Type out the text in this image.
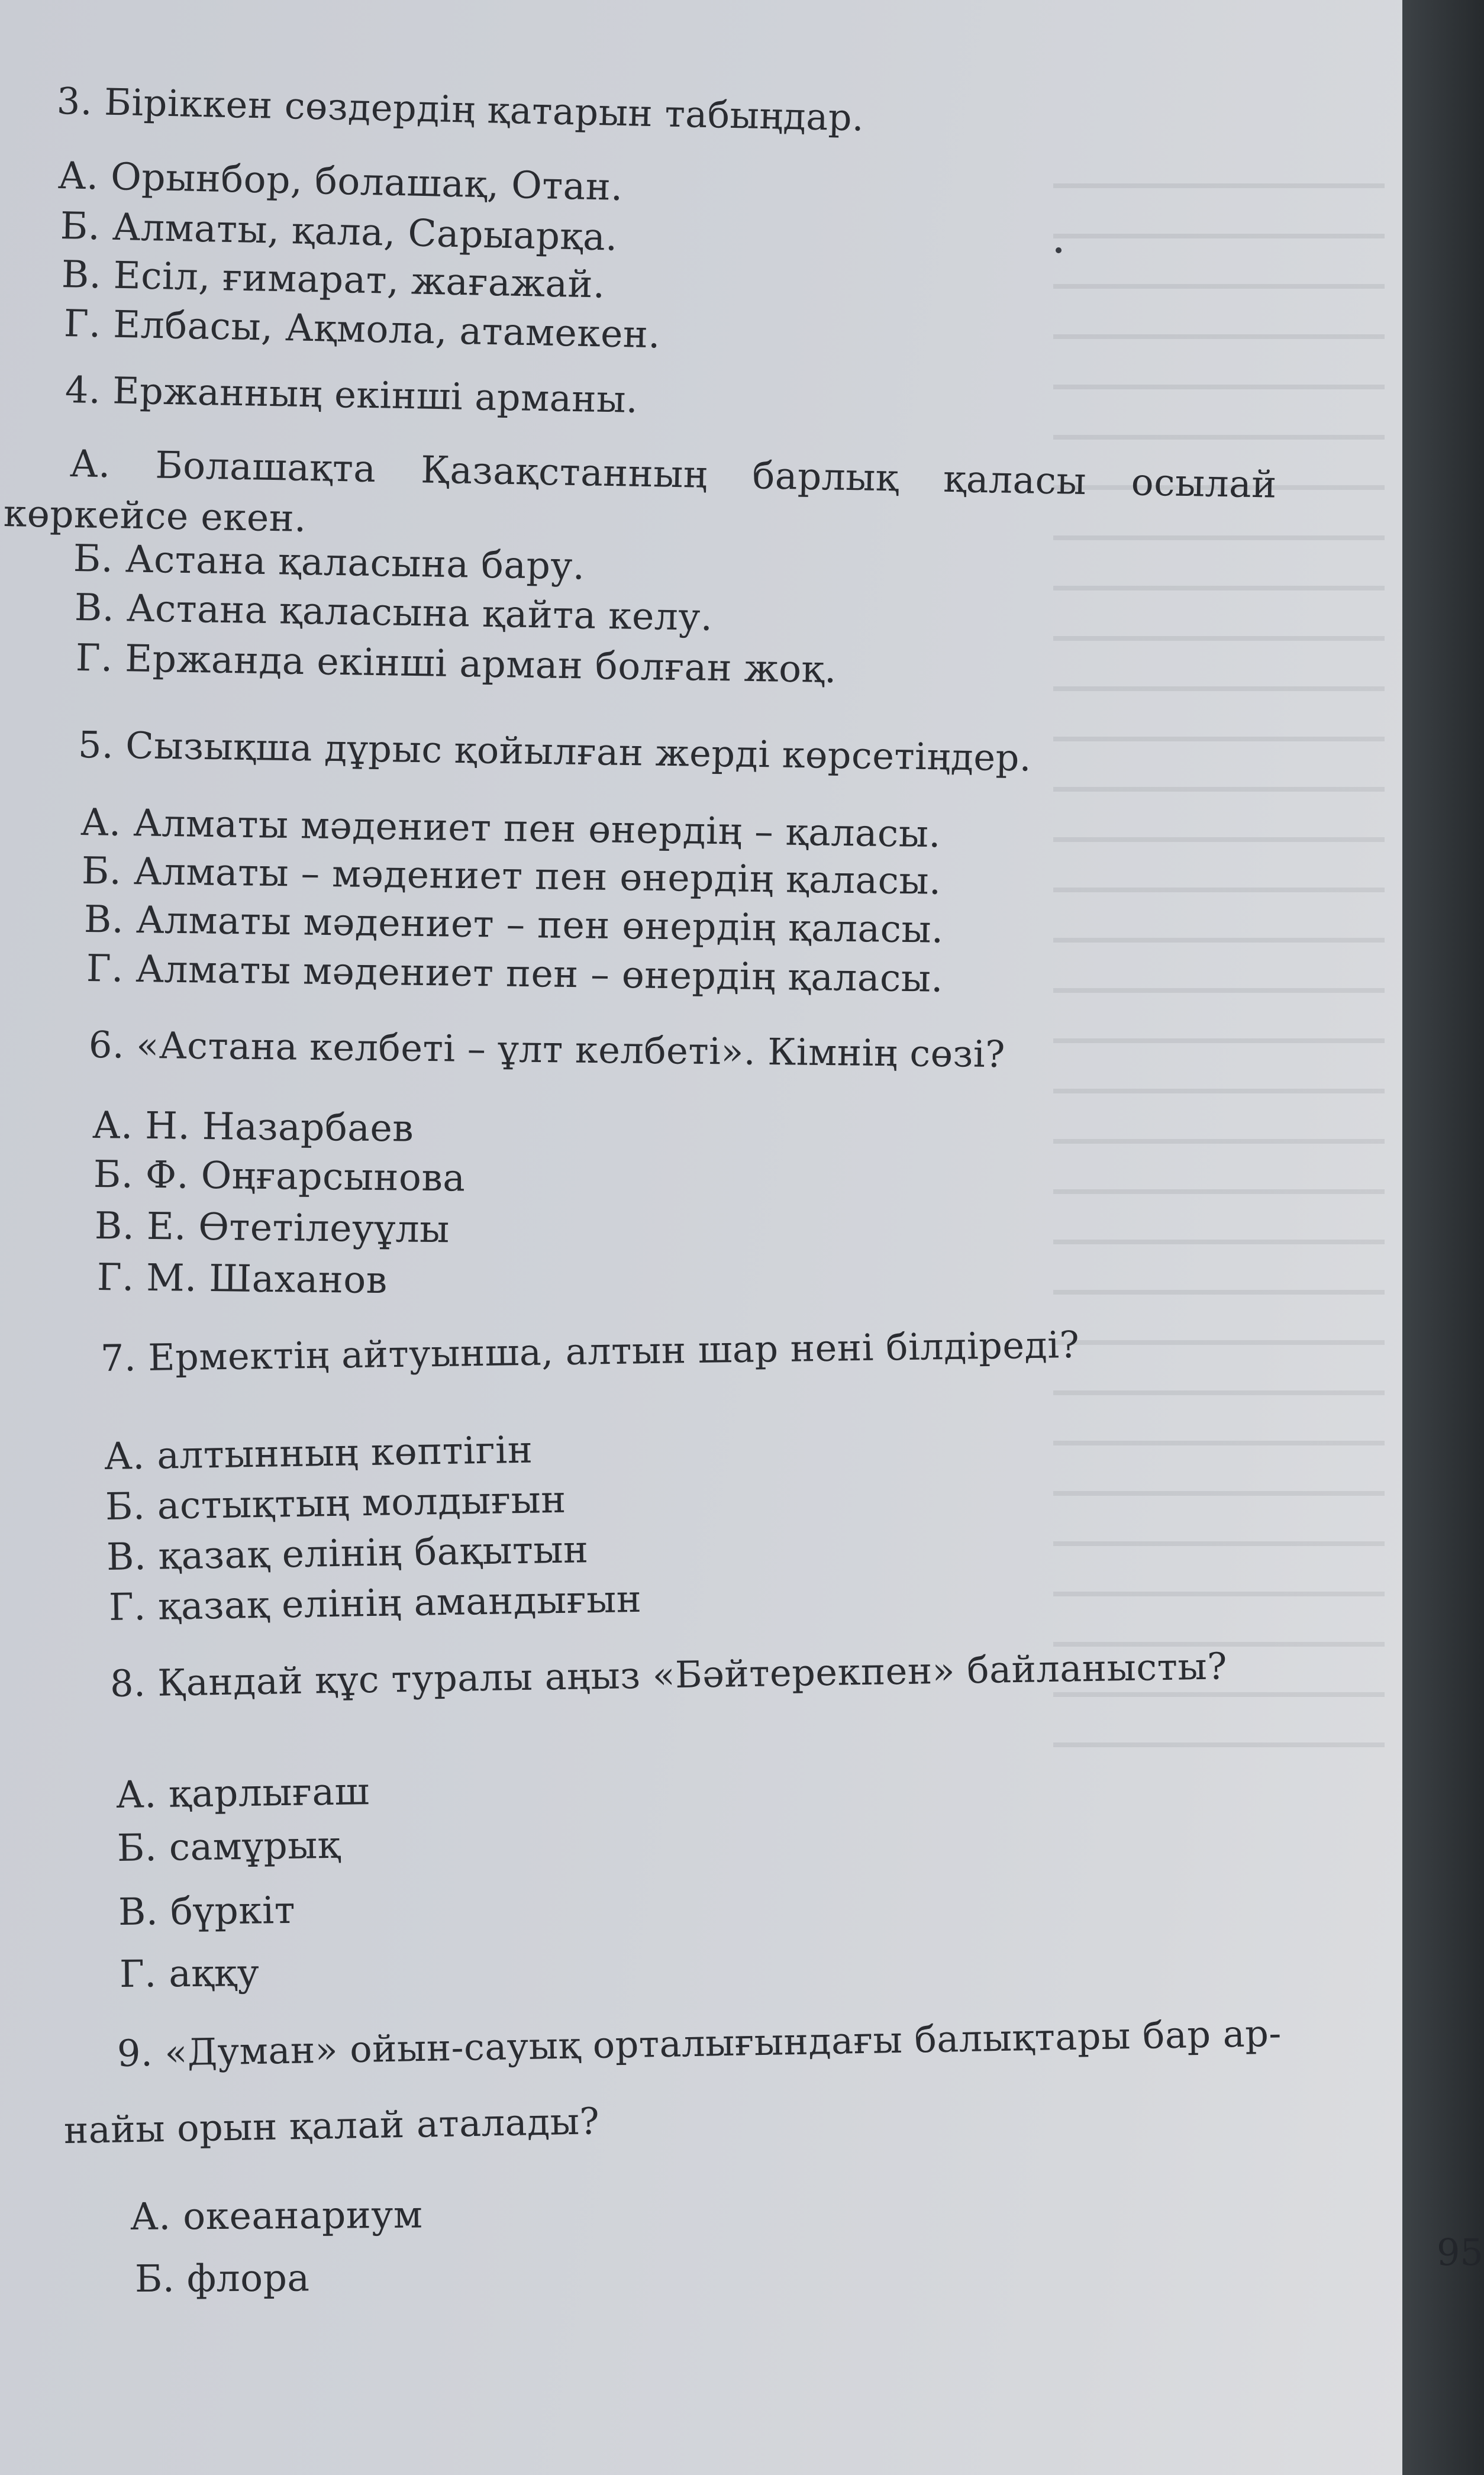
3. Біріккен сөздердің қатарын табыңдар.
А. Орынбор, болашақ, Отан.
Б. Алматы, қала, Сарыарқа.
В. Есіл, ғимарат, жағажай.
Г. Елбасы, Ақмола, атамекен.
4. Ержанның екінші арманы.
А. Болашақта Қазақстанның барлық қаласы осылай
көркейсе екен.
Б. Астана қаласына бару.
В. Астана қаласына қайта келу.
Г. Ержанда екінші арман болған жоқ.
5. Сызықша дұрыс қойылған жерді көрсетіңдер.
А. Алматы мәдениет пен өнердің – қаласы.
Б. Алматы – мәдениет пен өнердің қаласы.
В. Алматы мәдениет – пен өнердің қаласы.
Г. Алматы мәдениет пен – өнердің қаласы.
6. «Астана келбеті – ұлт келбеті». Кімнің сөзі?
А. Н. Назарбаев
Б. Ф. Оңғарсынова
В. Е. Өтетілеуұлы
Г. М. Шаханов
7. Ермектің айтуынша, алтын шар нені білдіреді?
А. алтынның көптігін
Б. астықтың молдығын
В. қазақ елінің бақытын
Г. қазақ елінің амандығын
8. Қандай құс туралы аңыз «Бәйтерекпен» байланысты?
А. қарлығаш
Б. самұрық
В. бүркіт
Г. аққу
9. «Думан» ойын-сауық орталығындағы балықтары бар ар-
найы орын қалай аталады?
А. океанариум
Б. флора
95
